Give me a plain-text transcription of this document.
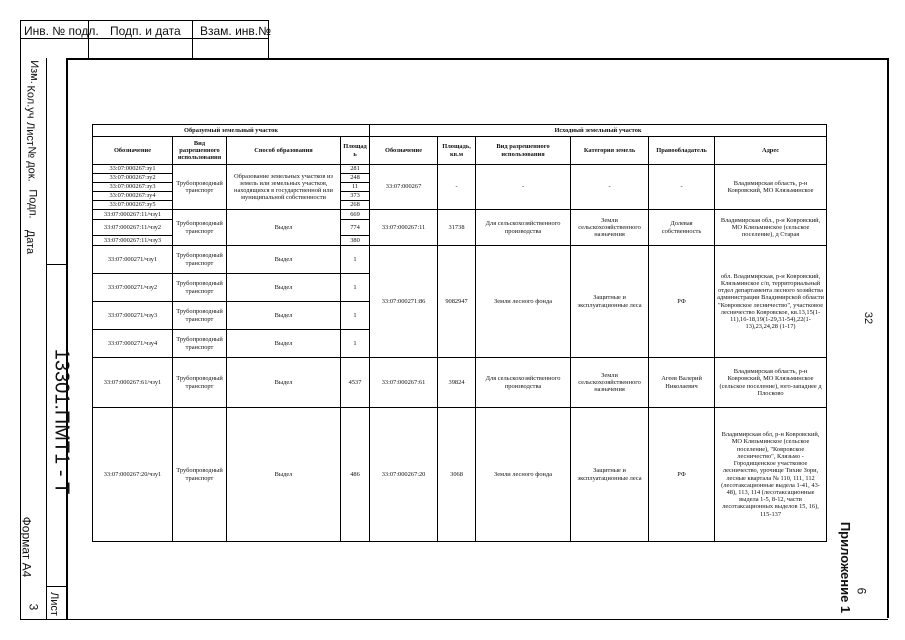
Инв. № подл. Подп. и дата Взам. инв.№
Изм.
Кол.уч
Лист
№ док.
Подп.
Дата
13301.ПМТ1 - Т
Формат А4
Лист
3
32
Приложение 1 6
Образуемый земельный участок				Исходный земельный участок					
Обозначение	Вид разрешенного использования	Способ образования	Площадь	Обозначение	Площадь, кв.м	Вид разрешенного использования	Категория земель	Правообладатель	Адрес
33:07:000267:зу1	Трубопроводный транспорт	Образование земельных участков из земель или земельных участков, находящихся в государственной или муниципальной собственности	281	33:07:000267	-	-	-	-	Владимирская область, р-н Ковровский, МО Клязьминское
33:07:000267:зу2			248						
33:07:000267:зу3			11						
33:07:000267:зу4			373						
33:07:000267:зу5			268						
33:07:000267:11/чзу1	Трубопроводный транспорт	Выдел	669	33:07:000267:11	31738	Для сельскохозяйственного производства	Земли сельскохозяйственного назначения	Долевая собственность	Владимирская обл., р-н Ковровский, МО Клязьминское (сельское поселение), д Старая
33:07:000267:11/чзу2			774						
33:07:000267:11/чзу3			380						
33:07:000271/чзу1	Трубопроводный транспорт	Выдел	1	33:07:000271:86	9082947	Земли лесного фонда	Защитные и эксплуатационные леса	РФ	обл. Владимирская, р-н Ковровский, Клязьминское с/п, территориальный отдел департамента лесного хозяйства администрации Владимирской области "Ковровское лесничество", участковое лесничество Ковровское, кв.13,15(1-11),16-18,19(1-29,31-54),22(1-13),23,24,28 (1-17)
33:07:000271/чзу2	Трубопроводный транспорт	Выдел	1						
33:07:000271/чзу3	Трубопроводный транспорт	Выдел	1						
33:07:000271/чзу4	Трубопроводный транспорт	Выдел	1						
33:07:000267:61/чзу1	Трубопроводный транспорт	Выдел	4537	33:07:000267:61	39824	Для сельскохозяйственного производства	Земли сельскохозяйственного назначения	Агеев Валерий Николаевич	Владимирская область, р-н Ковровский, МО Клязьминское (сельское поселение), юго-западнее д Плосково
33:07:000267:20/чзу1	Трубопроводный транспорт	Выдел	486	33:07:000267:20	3068	Земли лесного фонда	Защитные и эксплуатационные леса	РФ	Владимирская обл, р-н Ковровский, МО Клязьминское (сельское поселение), "Ковровское лесничество", Клязьмо - Городищенское участковое лесничество, урочище Тихие Зори, лесные квартала № 110, 111, 112 (лесотаксационные выдела 1-41, 43-48), 113, 114 (лесотаксационные выдела 1-5, 8-12, части лесотаксационных выделов 15, 16), 115-137
